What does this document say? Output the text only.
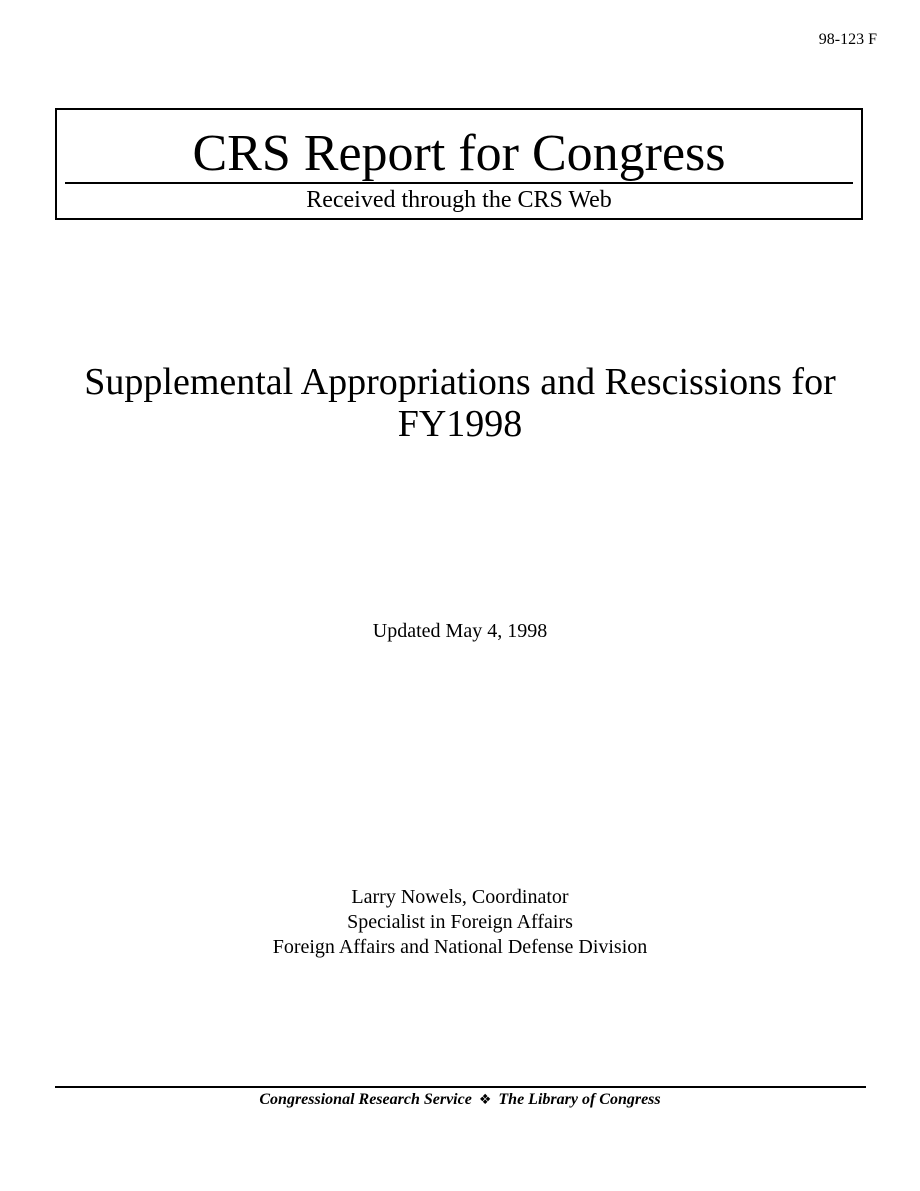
98-123 F
CRS Report for Congress
Received through the CRS Web
Supplemental Appropriations and Rescissions for FY1998
Updated May 4, 1998
Larry Nowels, Coordinator
Specialist in Foreign Affairs
Foreign Affairs and National Defense Division
Congressional Research Service ❖ The Library of Congress
